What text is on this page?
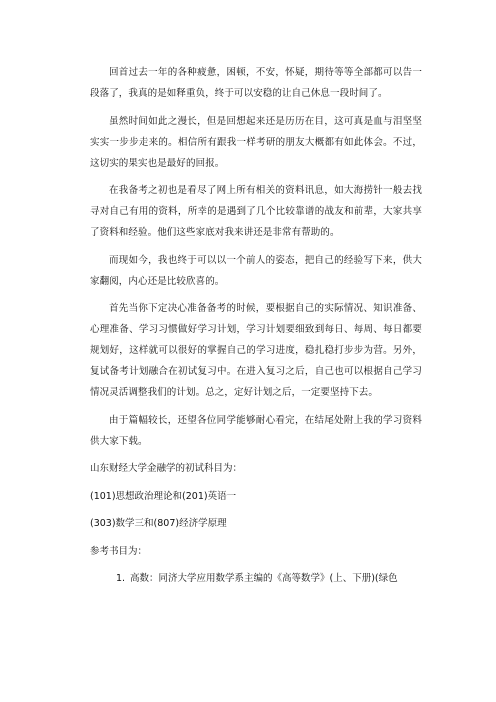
回首过去一年的各种疲惫，困顿，不安，怀疑，期待等等全部都可以告一段落了，我真的是如释重负，终于可以安稳的让自己休息一段时间了。

虽然时间如此之漫长，但是回想起来还是历历在目，这可真是血与泪坚坚实实一步步走来的。相信所有跟我一样考研的朋友大概都有如此体会。不过，这切实的果实也是最好的回报。

在我备考之初也是看尽了网上所有相关的资料讯息，如大海捞针一般去找寻对自己有用的资料，所幸的是遇到了几个比较靠谱的战友和前辈，大家共享了资料和经验。他们这些家底对我来讲还是非常有帮助的。

而现如今，我也终于可以以一个前人的姿态，把自己的经验写下来，供大家翻阅，内心还是比较欣喜的。

首先当你下定决心准备备考的时候，要根据自己的实际情况、知识准备、心理准备、学习习惯做好学习计划，学习计划要细致到每日、每周、每日都要规划好，这样就可以很好的掌握自己的学习进度，稳扎稳打步步为营。另外，复试备考计划融合在初试复习中。在进入复习之后，自己也可以根据自己学习情况灵活调整我们的计划。总之，定好计划之后，一定要坚持下去。

由于篇幅较长，还望各位同学能够耐心看完，在结尾处附上我的学习资料供大家下载。

山东财经大学金融学的初试科目为：

(101)思想政治理论和(201)英语一

(303)数学三和(807)经济学原理

参考书目为：

1. 高数：同济大学应用数学系主编的《高等数学》(上、下册)(绿色
